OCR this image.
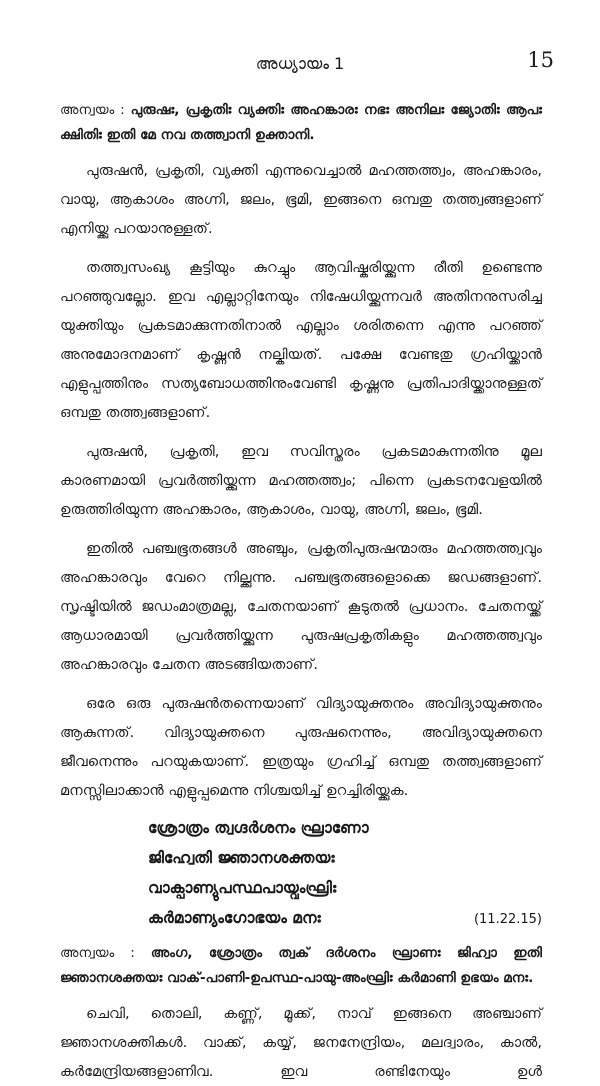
അധ്യായം 1	15

അന്വയം : പുരുഷഃ, പ്രകൃതിഃ വ്യക്തിഃ അഹങ്കാരഃ നഭഃ അനിലഃ ജ്യോതിഃ ആപഃ ക്ഷിതിഃ ഇതി മേ നവ തത്ത്വാനി ഉക്താനി.

പുരുഷൻ, പ്രകൃതി, വ്യക്തി എന്നുവെച്ചാൽ മഹത്തത്ത്വം, അഹങ്കാരം, വായു, ആകാശം അഗ്നി, ജലം, ഭൂമി, ഇങ്ങനെ ഒമ്പതു തത്ത്വങ്ങളാണ് എനിയ്ക്കു പറയാനുള്ളത്.

തത്ത്വസംഖ്യ കൂട്ടിയും കുറച്ചും ആവിഷ്കരിയ്ക്കുന്ന രീതി ഉണ്ടെന്നു പറഞ്ഞുവല്ലോ. ഇവ എല്ലാറ്റിനേയും നിഷേധിയ്ക്കുന്നവർ അതിനനുസരിച്ച യുക്തിയും പ്രകടമാക്കുന്നതിനാൽ എല്ലാം ശരിതന്നെ എന്നു പറഞ്ഞ് അനുമോദനമാണ് കൃഷ്ണൻ നല്കിയത്. പക്ഷേ വേണ്ടതു ഗ്രഹിയ്ക്കാൻ എളുപ്പത്തിനും സത്യബോധത്തിനുംവേണ്ടി കൃഷ്ണനു പ്രതിപാദിയ്ക്കാനുള്ളത് ഒമ്പതു തത്ത്വങ്ങളാണ്.

പുരുഷൻ, പ്രകൃതി, ഇവ സവിസ്തരം പ്രകടമാകുന്നതിനു മൂല കാരണമായി പ്രവർത്തിയ്ക്കുന്ന മഹത്തത്ത്വം; പിന്നെ പ്രകടനവേളയിൽ ഉരുത്തിരിയുന്ന അഹങ്കാരം, ആകാശം, വായു, അഗ്നി, ജലം, ഭൂമി.

ഇതിൽ പഞ്ചഭൂതങ്ങൾ അഞ്ചും, പ്രകൃതിപുരുഷന്മാരും മഹത്തത്ത്വവും അഹങ്കാരവും വേറെ നില്ക്കുന്നു. പഞ്ചഭൂതങ്ങളൊക്കെ ജഡങ്ങളാണ്. സൃഷ്ടിയിൽ ജഡംമാത്രമല്ല, ചേതനയാണ് കൂടുതൽ പ്രധാനം. ചേതനയ്ക്ക് ആധാരമായി പ്രവർത്തിയ്ക്കുന്ന പുരുഷപ്രകൃതികളും മഹത്തത്ത്വവും അഹങ്കാരവും ചേതന അടങ്ങിയതാണ്.

ഒരേ ഒരു പുരുഷൻതന്നെയാണ് വിദ്യായുക്തനും അവിദ്യായുക്തനും ആകുന്നത്. വിദ്യായുക്തനെ പുരുഷനെന്നും, അവിദ്യായുക്തനെ ജീവനെന്നും പറയുകയാണ്. ഇത്രയും ഗ്രഹിച്ച് ഒമ്പതു തത്ത്വങ്ങളാണ് മനസ്സിലാക്കാൻ എളുപ്പമെന്നു നിശ്ചയിച്ച് ഉറച്ചിരിയ്ക്കുക.

ശ്രോത്രം ത്വഗ്ദർശനം ഘ്രാണോ
ജിഹ്വേതി ജ്ഞാനശക്തയഃ
വാക്പാണ്യുപസ്ഥപായ്വംഘ്രിഃ
കർമാണ്യംഗോഭയം മനഃ	(11.22.15)

അന്വയം : അംഗ, ശ്രോത്രം ത്വക് ദർശനം ഘ്രാണഃ ജിഹ്വാ ഇതി ജ്ഞാനശക്തയഃ വാക്-പാണി-ഉപസ്ഥ-പായു-അംഘ്രിഃ കർമാണി ഉഭയം മനഃ.

ചെവി, തൊലി, കണ്ണ്, മൂക്ക്, നാവ് ഇങ്ങനെ അഞ്ചാണ് ജ്ഞാനശക്തികൾ. വാക്ക്, കയ്യ്, ജനനേന്ദ്രിയം, മലദ്വാരം, കാൽ, കർമേന്ദ്രിയങ്ങളാണിവ. ഇവ രണ്ടിനേയും ഉൾ
